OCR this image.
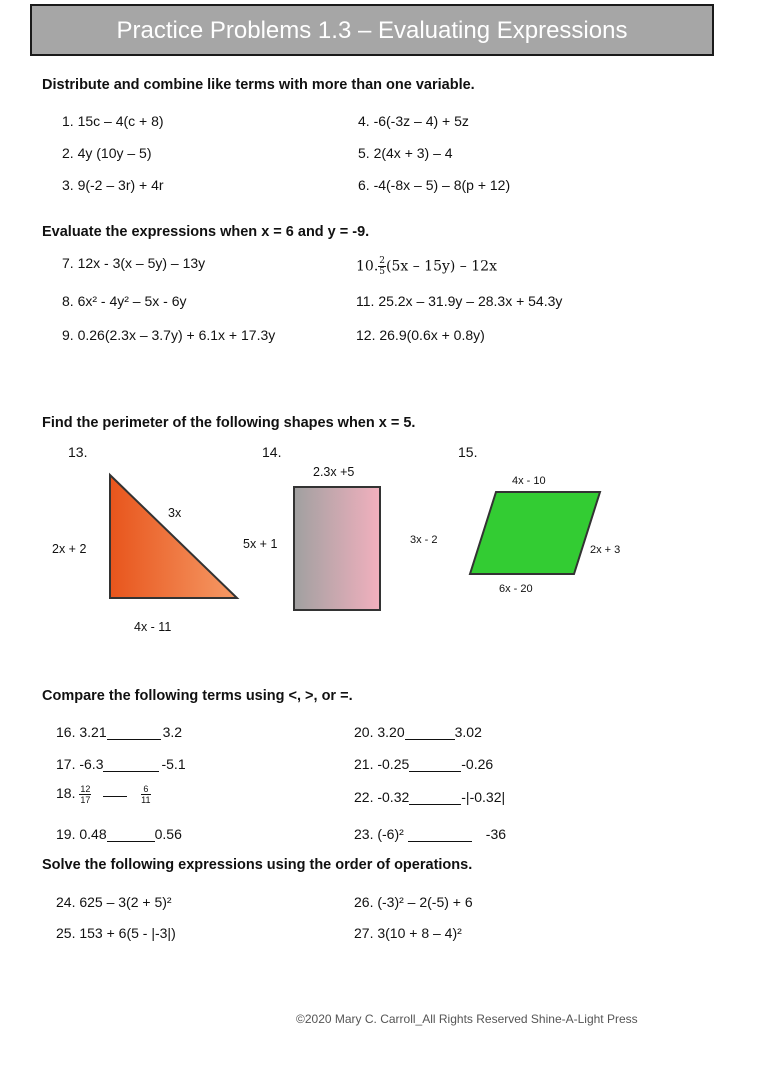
Practice Problems 1.3 – Evaluating Expressions
Distribute and combine like terms with more than one variable.
1. 15c – 4(c + 8)
2. 4y (10y – 5)
3. 9(-2 – 3r) + 4r
4. -6(-3z – 4) + 5z
5. 2(4x + 3) – 4
6. -4(-8x – 5) – 8(p + 12)
Evaluate the expressions when x = 6 and y = -9.
7. 12x - 3(x – 5y) – 13y
8. 6x² - 4y² – 5x - 6y
9. 0.26(2.3x – 3.7y) + 6.1x + 17.3y
10. $\frac{2}{5} (5x - 15y) - 12x$
11. 25.2x – 31.9y – 28.3x + 54.3y
12. 26.9(0.6x + 0.8y)
Find the perimeter of the following shapes when x = 5.
13.	14.	15.
2x + 2
3x
4x - 11
2.3x +5
5x + 1	3x - 2
4x - 10
2x + 3
6x - 20
Compare the following terms using <, >, or =.
16. 3.21	3.2
17. -6.3	-5.1
18. $\frac{12}{17}$
	$\frac{6}{11}$
19. 0.48	0.56
20. 3.20	3.02
21. -0.25	-0.26
22. -0.32	-|-0.32|
23. (-6)²	-36
Solve the following expressions using the order of operations.
24. 625 – 3(2 + 5)²
25. 153 + 6(5 - |-3|)
26. (-3)² – 2(-5) + 6
27. 3(10 + 8 – 4)²
©2020 Mary C. Carroll_All Rights Reserved Shine-A-Light Press
